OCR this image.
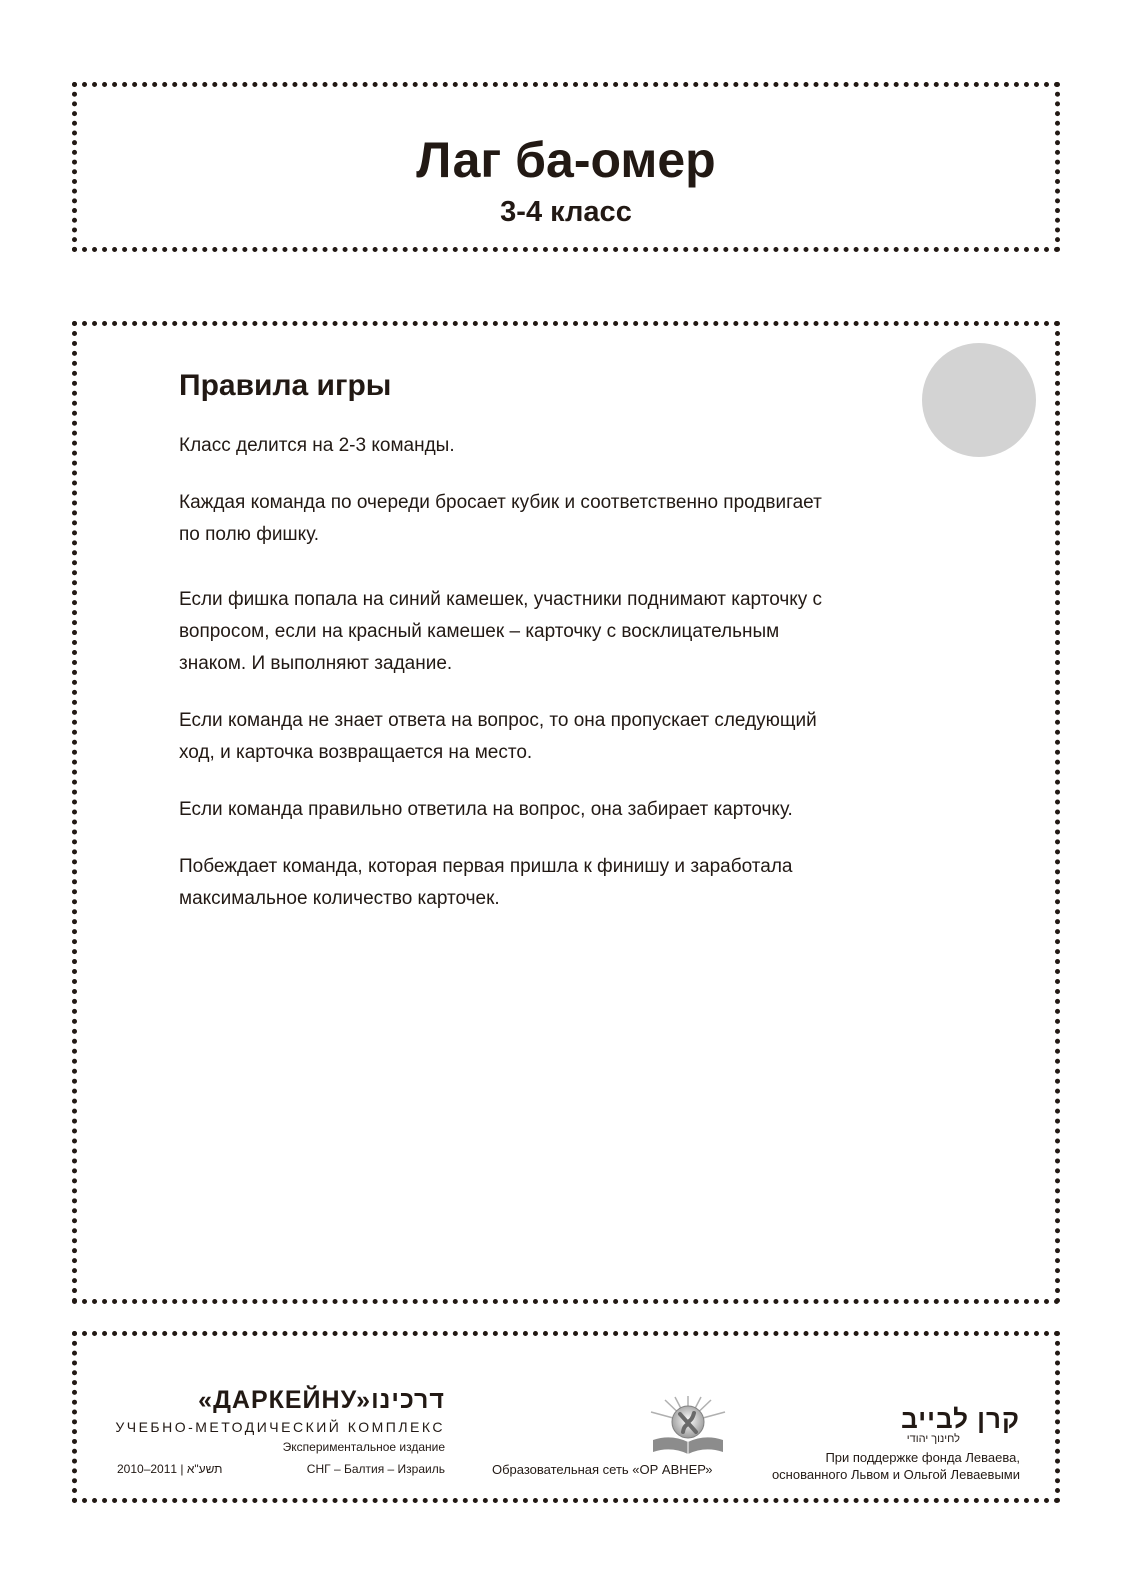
Лаг ба-омер
3-4 класс
Правила игры

Класс делится на 2-3 команды.

Каждая команда по очереди бросает кубик и соответственно продвигает по полю фишку.

Если фишка попала на синий камешек, участники поднимают карточку с вопросом, если на красный камешек – карточку с восклицательным знаком. И выполняют задание.

Если команда не знает ответа на вопрос, то она пропускает следующий ход, и карточка возвращается на место.

Если команда правильно ответила на вопрос, она забирает карточку.

Побеждает команда, которая первая пришла к финишу и заработала максимальное количество карточек.

«ДАРКЕЙНУ»דרכינו

УЧЕБНО-МЕТОДИЧЕСКИЙ КОМПЛЕКС

Экспериментальное издание

2010–2011 | תשע"א	СНГ – Балтия – Израиль	Образовательная сеть «ОР АВНЕР»

קרן לבייב

לחינוך יהודי

При поддержке фонда Леваева,

основанного Львом и Ольгой Леваевыми
